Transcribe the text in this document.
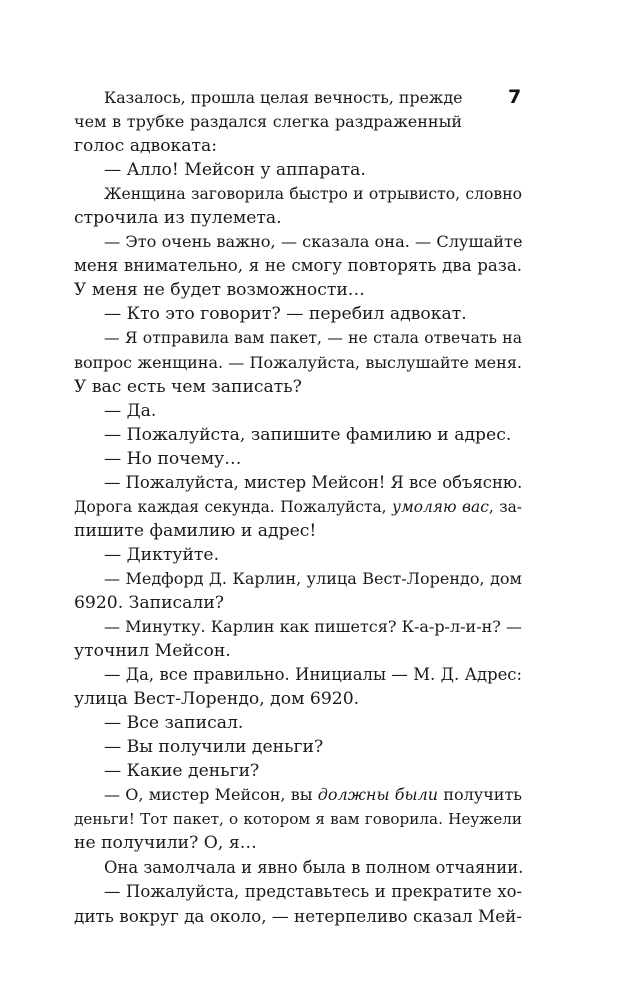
7
Казалось, прошла целая вечность, прежде
чем в трубке раздался слегка раздраженный
голос адвоката:
— Алло! Мейсон у аппарата.
Женщина заговорила быстро и отрывисто, словно
строчила из пулемета.
— Это очень важно, — сказала она. — Слушайте
меня внимательно, я не смогу повторять два раза.
У меня не будет возможности…
— Кто это говорит? — перебил адвокат.
— Я отправила вам пакет, — не стала отвечать на
вопрос женщина. — Пожалуйста, выслушайте меня.
У вас есть чем записать?
— Да.
— Пожалуйста, запишите фамилию и адрес.
— Но почему…
— Пожалуйста, мистер Мейсон! Я все объясню.
Дорога каждая секунда. Пожалуйста, умоляю вас, за-
пишите фамилию и адрес!
— Диктуйте.
— Медфорд Д. Карлин, улица Вест-Лорендо, дом
6920. Записали?
— Минутку. Карлин как пишется? К-а-р-л-и-н? —
уточнил Мейсон.
— Да, все правильно. Инициалы — М. Д. Адрес:
улица Вест-Лорендо, дом 6920.
— Все записал.
— Вы получили деньги?
— Какие деньги?
— О, мистер Мейсон, вы должны были получить
деньги! Тот пакет, о котором я вам говорила. Неужели
не получили? О, я…
Она замолчала и явно была в полном отчаянии.
— Пожалуйста, представьтесь и прекратите хо-
дить вокруг да около, — нетерпеливо сказал Мей-
